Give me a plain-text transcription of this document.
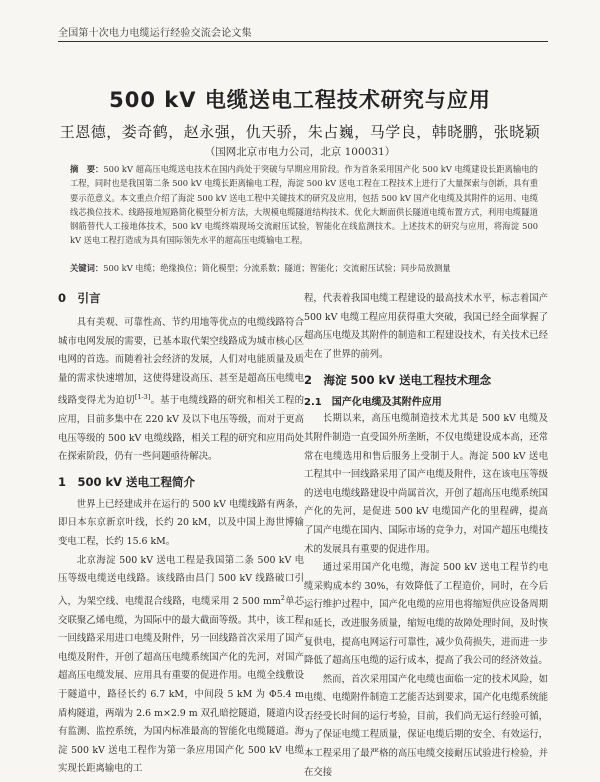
全国第十次电力电缆运行经验交流会论文集
500 kV 电缆送电工程技术研究与应用
王恩德，娄奇鹤，赵永强，仇天骄，朱占巍，马学良，韩晓鹏，张晓颖
（国网北京市电力公司，北京 100031）
摘　要：500 kV 超高压电缆送电技术在国内尚处于突破与早期应用阶段。作为首条采用国产化 500 kV 电缆建设长距离输电的工程，同时也是我国第二条 500 kV 电缆长距离输电工程，海淀 500 kV 送电工程在工程技术上进行了大量探索与创新，具有重要示范意义。本文重点介绍了海淀 500 kV 送电工程中关键技术的研究及应用，包括 500 kV 国产化电缆及其附件的运用、电缆线芯换位技术、线路接地短路简化模型分析方法，大规模电缆隧道结构技术、优化大断面供长隧道电缆布置方式，利用电缆隧道钢筋替代人工接地体技术，500 kV 电缆终端现场交流耐压试验，智能化在线监测技术。上述技术的研究与应用，将海淀 500 kV 送电工程打造成为具有国际领先水平的超高压电缆输电工程。
关键词：500 kV 电缆；绝缘换位；简化模型；分流系数；隧道；智能化；交流耐压试验；同步局放测量
0　引言

具有美观、可靠性高、节约用地等优点的电缆线路符合城市电网发展的需要，已基本取代架空线路成为城市核心区电网的首选。而随着社会经济的发展，人们对电能质量及质量的需求快速增加，这使得建设高压、甚至是超高压电缆电线路变得尤为迫切[1-3]。基于电缆线路的研究和相关工程的应用，目前多集中在 220 kV 及以下电压等级，而对于更高电压等级的 500 kV 电缆线路，相关工程的研究和应用尚处在探索阶段，仍有一些问题亟待解决。

1　500 kV 送电工程简介

世界上已经建成并在运行的 500 kV 电缆线路有两条，即日本东京新京叶线，长约 20 kM，以及中国上海世博输变电工程，长约 15.6 kM。

北京海淀 500 kV 送电工程是我国第二条 500 kV 电压等级电缆送电线路。该线路由昌门 500 kV 线路破口引入，为架空线、电缆混合线路，电缆采用 2 500 $mm^2$单芯交联聚乙烯电缆，为国际中的最大截面等级。其中，该工程一回线路采用进口电缆及附件，另一回线路首次采用了国产电缆及附件，开创了超高压电缆系统国产化的先河，对国产超高压电缆发展、应用具有重要的促进作用。电缆全线敷设于隧道中，路径长约 6.7 kM，中间段 5 kM 为 Φ5.4 m 盾构隧道，两端为 2.6 m×2.9 m 双孔暗挖隧道，隧道内设有监测、监控系统，为国内标准最高的智能化电缆隧道。海淀 500 kV 送电工程作为第一条应用国产化 500 kV 电缆实现长距离输电的工

程，代表着我国电缆工程建设的最高技术水平，标志着国产 500 kV 电缆工程应用获得重大突破，我国已经全面掌握了超高压电缆及其附件的制造和工程建设技术，有关技术已经走在了世界的前列。

2　海淀 500 kV 送电工程技术理念
2.1　国产化电缆及其附件应用

长期以来，高压电缆制造技术尤其是 500 kV 电缆及其附件制造一直受国外所垄断，不仅电缆建设成本高，还常常在电缆选用和售后服务上受制于人。海淀 500 kV 送电工程其中一回线路采用了国产电缆及附件，这在该电压等级的送电电缆线路建设中尚属首次，开创了超高压电缆系统国产化的先河，是促进 500 kV 电缆国产化的里程碑，提高了国产电缆在国内、国际市场的竞争力，对国产超压电缆技术的发展具有重要的促进作用。

通过采用国产化电缆，海淀 500 kV 送电工程节约电缆采购成本约 30%，有效降低了工程造价，同时，在今后运行维护过程中，国产化电缆的应用也将缩短供应设备周期和延长，改进服务质量，缩短电缆的故障处理时间，及时恢复供电，提高电网运行可靠性，减少负荷损失，进而进一步降低了超高压电缆的运行成本，提高了我公司的经济效益。

然而，首次采用国产化电缆也面临一定的技术风险，如电缆、电缆附件制造工艺能否达到要求，国产化电缆系统能否经受长时间的运行考验，目前，我们尚无运行经验可循，为了保证电缆工程质量，保证电缆后期的安全、有效运行，本工程采用了最严格的高压电缆交接耐压试验进行检验，并在交接
